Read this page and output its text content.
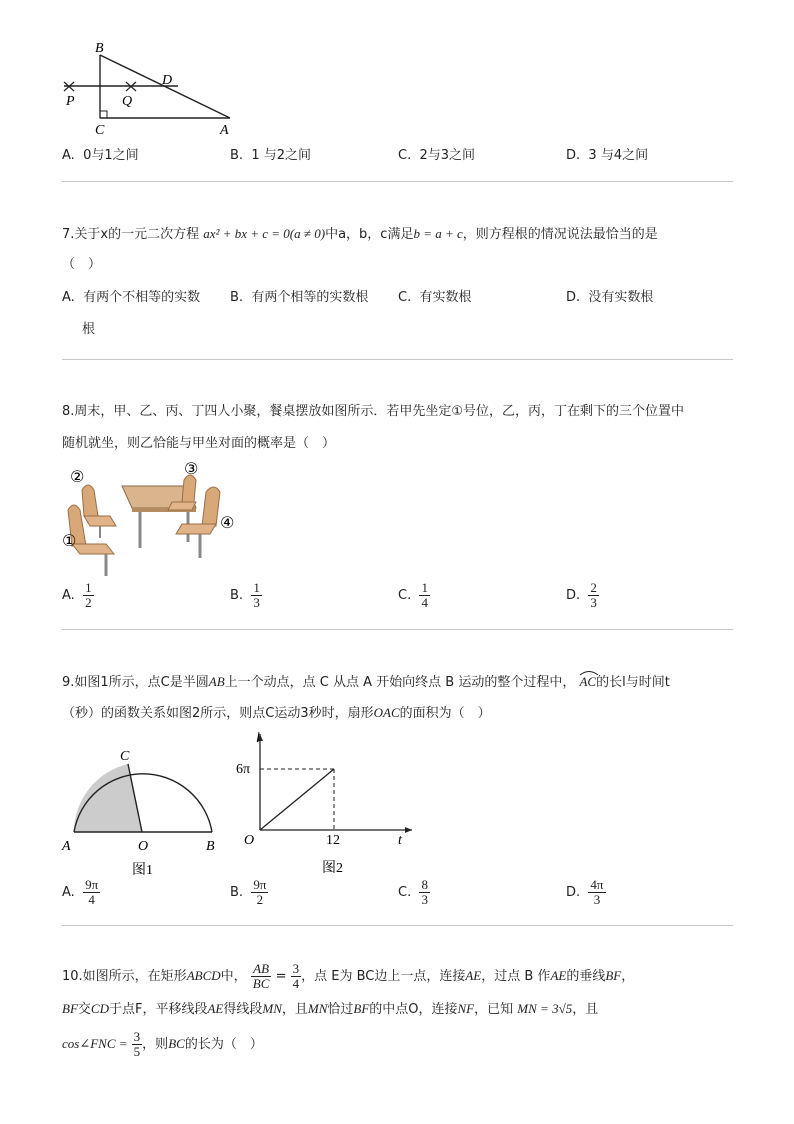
B
D
P	Q
C	A
A. 0与1之间	B. 1 与2之间	C. 2与3之间	D. 3 与4之间
7.关于x的一元二次方程 ax² + bx + c = 0(a ≠ 0)中a，b，c满足b = a + c，则方程根的情况说法最恰当的是
（　）
A. 有两个不相等的实数
根
B. 有两个相等的实数根 C. 有实数根	D. 没有实数根
8.周末，甲、乙、丙、丁四人小聚，餐桌摆放如图所示．若甲先坐定①号位，乙，丙，丁在剩下的三个位置中
随机就坐，则乙恰能与甲坐对面的概率是（　）
②	③
①
④
A. $\frac{1}{2}$	B. $\frac{1}{3}$	C. $\frac{1}{4}$	D. $\frac{2}{3}$
9.如图1所示，点C是半圆AB上一个动点，点 C 从点 A 开始向终点 B 运动的整个过程中， AC
的长l与时间t
（秒）的函数关系如图2所示，则点C运动3秒时，扇形OAC的面积为（　）
C
A	O	B
图1
l
6π
O	12	t
图2
A. $\frac{9\pi}{4}$	B. $\frac{9\pi}{2}$	C. $\frac{8}{3}$	D. $\frac{4\pi}{3}$
10.如图所示，在矩形ABCD中， $\frac{AB}{BC} = \frac{3}{4}$ ，点 E为 BC边上一点，连接AE，过点 B 作AE的垂线BF，
BF交CD于点F，平移线段AE得线段MN，且MN恰过BF的中点O，连接NF，已知 MN = 3√5，且
cos∠FNC = $\frac{3}{5}$ ，则BC的长为（　）
